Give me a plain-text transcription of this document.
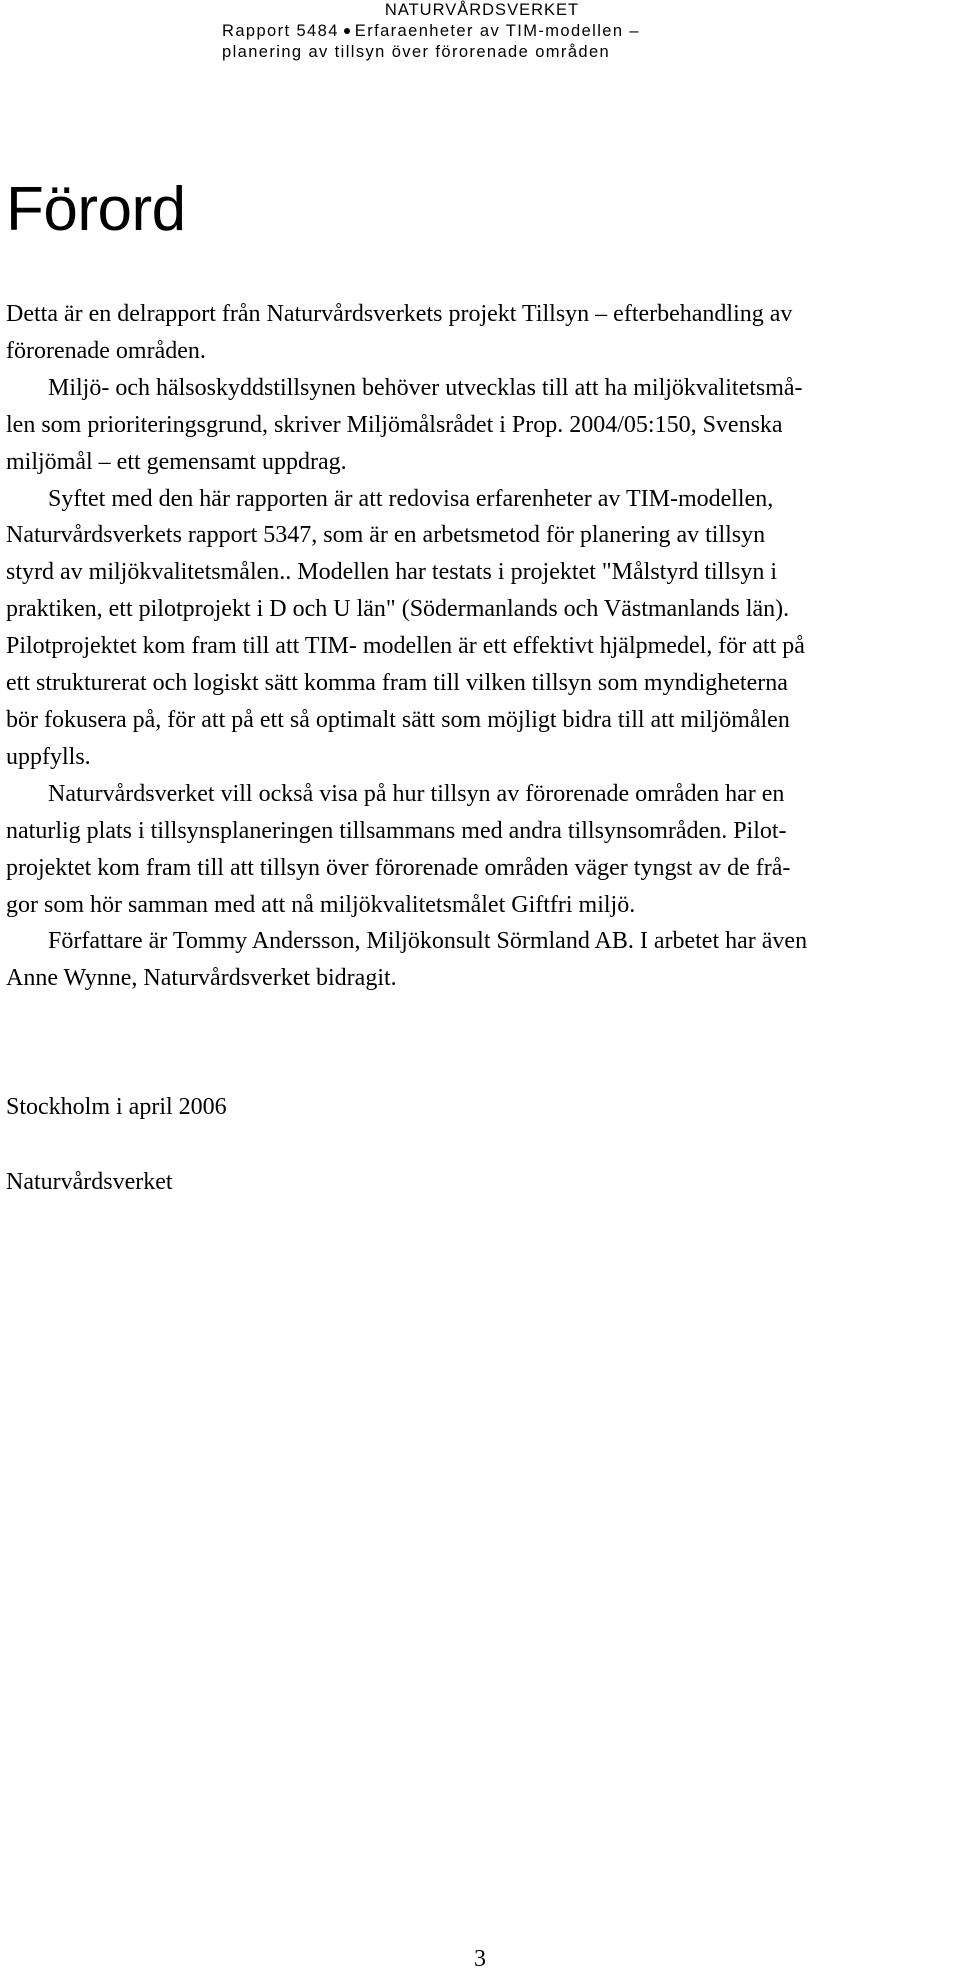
NATURVÅRDSVERKET
Rapport 5484 Erfaraenheter av TIM-modellen –
planering av tillsyn över förorenade områden
Förord

Detta är en delrapport från Naturvårdsverkets projekt Tillsyn – efterbehandling av
förorenade områden.

Miljö- och hälsoskyddstillsynen behöver utvecklas till att ha miljökvalitetsmå-
len som prioriteringsgrund, skriver Miljömålsrådet i Prop. 2004/05:150, Svenska
miljömål – ett gemensamt uppdrag.

Syftet med den här rapporten är att redovisa erfarenheter av TIM-modellen,
Naturvårdsverkets rapport 5347, som är en arbetsmetod för planering av tillsyn
styrd av miljökvalitetsmålen.. Modellen har testats i projektet "Målstyrd tillsyn i
praktiken, ett pilotprojekt i D och U län" (Södermanlands och Västmanlands län).

Pilotprojektet kom fram till att TIM- modellen är ett effektivt hjälpmedel, för att på
ett strukturerat och logiskt sätt komma fram till vilken tillsyn som myndigheterna
bör fokusera på, för att på ett så optimalt sätt som möjligt bidra till att miljömålen
uppfylls.

Naturvårdsverket vill också visa på hur tillsyn av förorenade områden har en
naturlig plats i tillsynsplaneringen tillsammans med andra tillsynsområden. Pilot-
projektet kom fram till att tillsyn över förorenade områden väger tyngst av de frå-
gor som hör samman med att nå miljökvalitetsmålet Giftfri miljö.

Författare är Tommy Andersson, Miljökonsult Sörmland AB. I arbetet har även
Anne Wynne, Naturvårdsverket bidragit.

Stockholm i april 2006

Naturvårdsverket

3
